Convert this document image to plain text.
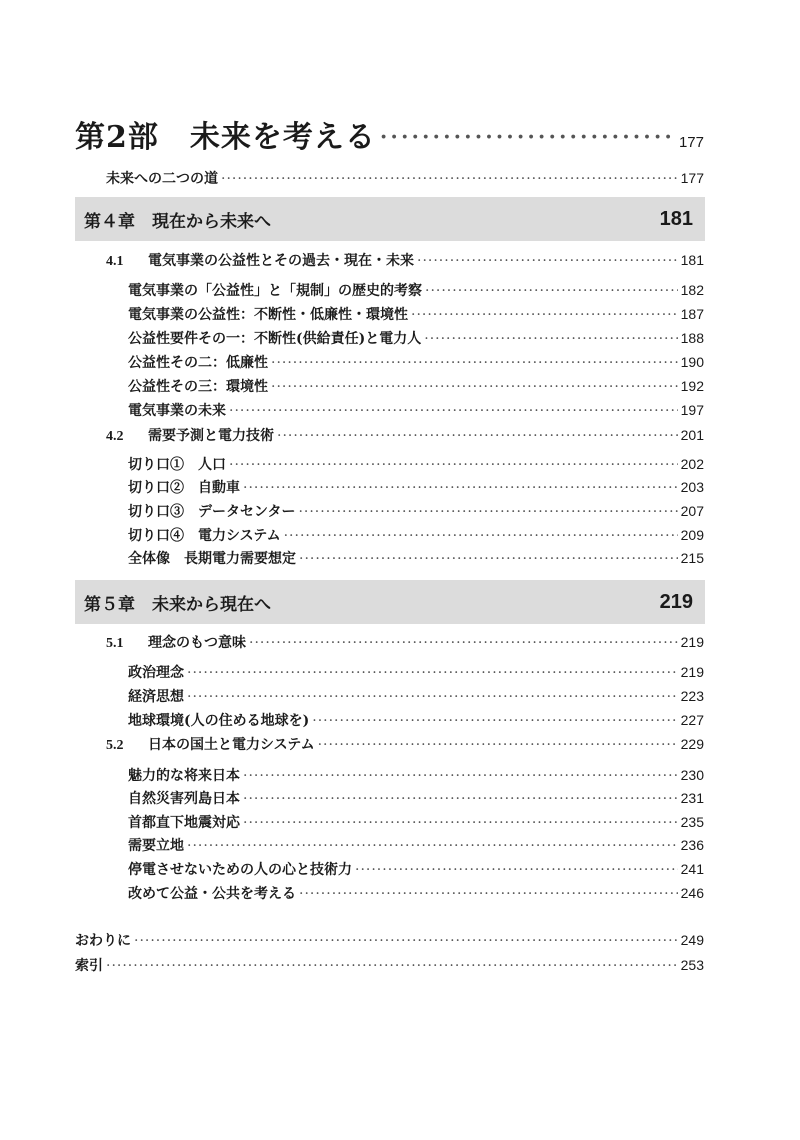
第2部　未来を考える ·····	177
未来への二つの道 ·····	177
第４章　現在から未来へ	181
4.1 電気事業の公益性とその過去・現在・未来 ·····	181
電気事業の「公益性」と「規制」の歴史的考察 ·····	182
電気事業の公益性：不断性・低廉性・環境性 ·····	187
公益性要件その一：不断性(供給責任)と電力人 ·····	188
公益性その二：低廉性 ·····	190
公益性その三：環境性 ·····	192
電気事業の未来 ·····	197
4.2 需要予測と電力技術 ·····	201
切り口①　人口 ·····	202
切り口②　自動車 ·····	203
切り口③　データセンター ·····	207
切り口④　電力システム ·····	209
全体像　長期電力需要想定 ·····	215
第５章　未来から現在へ	219
5.1 理念のもつ意味 ·····	219
政治理念 ·····	219
経済思想 ·····	223
地球環境(人の住める地球を) ·····	227
5.2 日本の国土と電力システム ·····	229
魅力的な将来日本 ·····	230
自然災害列島日本 ·····	231
首都直下地震対応 ·····	235
需要立地 ·····	236
停電させないための人の心と技術力 ·····	241
改めて公益・公共を考える ·····	246
おわりに ·····	249
索引 ·····	253
